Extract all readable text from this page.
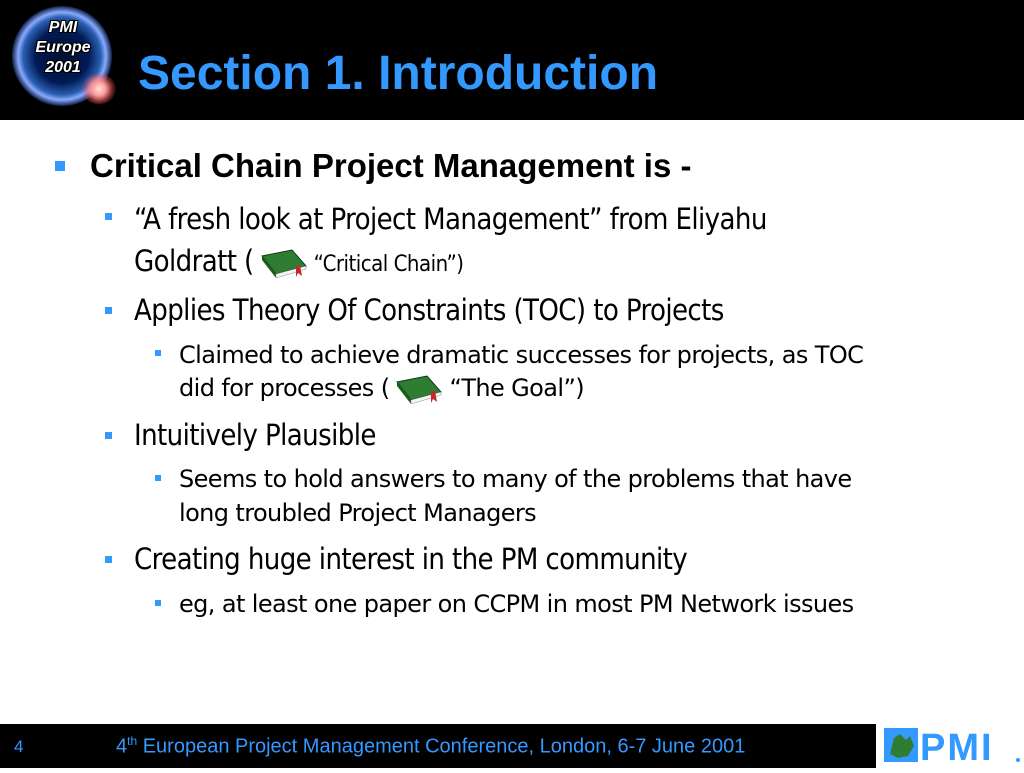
PMI
Europe
2001	Section 1. Introduction
Critical Chain Project Management is -
“A fresh look at Project Management” from Eliyahu
Goldratt (	“Critical Chain”)
Applies Theory Of Constraints (TOC) to Projects
Claimed to achieve dramatic successes for projects, as TOC
did for processes (	“The Goal”)
Intuitively Plausible
Seems to hold answers to many of the problems that have
long troubled Project Managers
Creating huge interest in the PM community
eg, at least one paper on CCPM in most PM Network issues
4	4th European Project Management Conference, London, 6-7 June 2001	PMI
